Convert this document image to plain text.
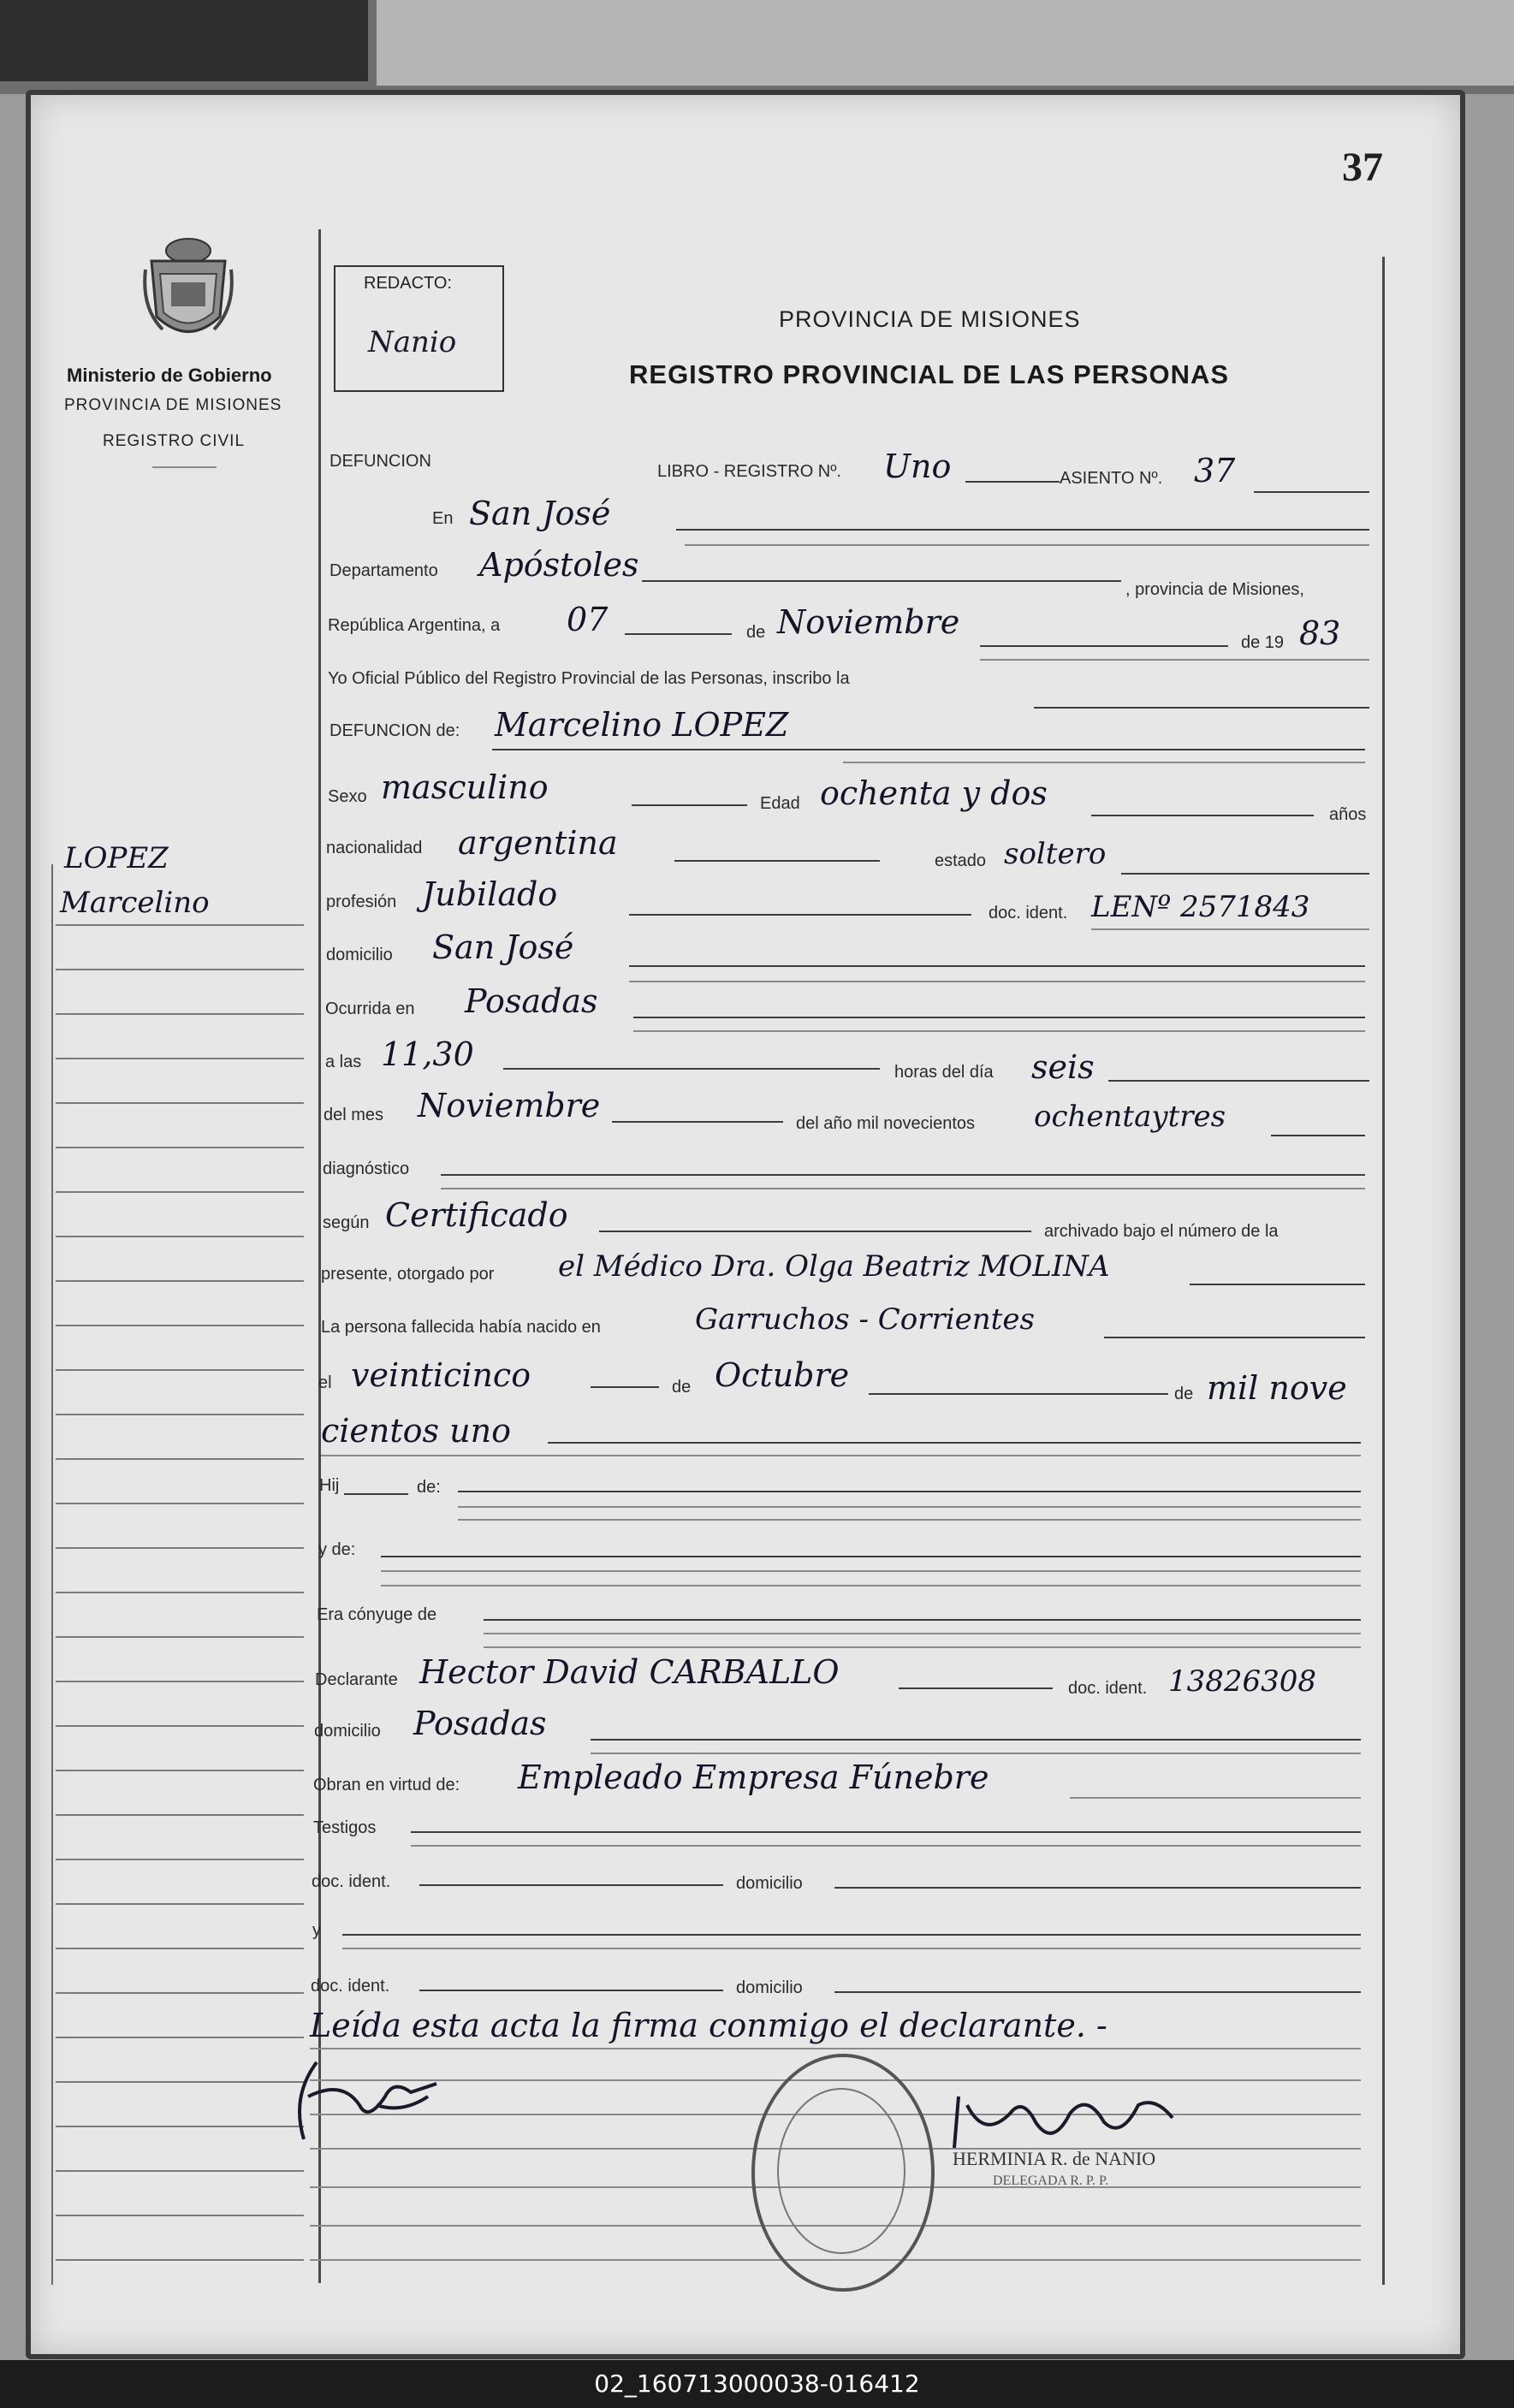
37
Ministerio de Gobierno
PROVINCIA DE MISIONES
REGISTRO CIVIL
LOPEZ
Marcelino
REDACTO:
Nanio
PROVINCIA DE MISIONES
REGISTRO PROVINCIAL DE LAS PERSONAS
DEFUNCION
LIBRO - REGISTRO Nº. Uno	ASIENTO Nº. 37
En San José
Departamento Apóstoles
, provincia de Misiones,
República Argentina, a 07	de Noviembre
de 19 83
Yo Oficial Público del Registro Provincial de las Personas, inscribo la
DEFUNCION de: Marcelino LOPEZ
Sexo masculino	Edad ochenta y dos
años
nacionalidad argentina	estado soltero
profesión Jubilado	doc. ident. LENº 2571843
domicilio San José
Ocurrida en Posadas
a las 11,30	horas del día seis
del mes Noviembre	del año mil novecientos ochentaytres
diagnóstico
según Certificado	archivado bajo el número de la
presente, otorgado por el Médico Dra. Olga Beatriz MOLINA
La persona fallecida había nacido en	Garruchos - Corrientes
el veinticinco	de Octubre	de mil nove
cientos uno
Hij	de:
y de:
Era cónyuge de
Declarante Hector David CARBALLO	doc. ident. 13826308
domicilio Posadas
Obran en virtud de: Empleado Empresa Fúnebre
Testigos
doc. ident.	domicilio
y
doc. ident.	domicilio
Leída esta acta la firma conmigo el declarante. -
HERMINIA R. de NANIO
DELEGADA R. P. P.
02_160713000038-016412
